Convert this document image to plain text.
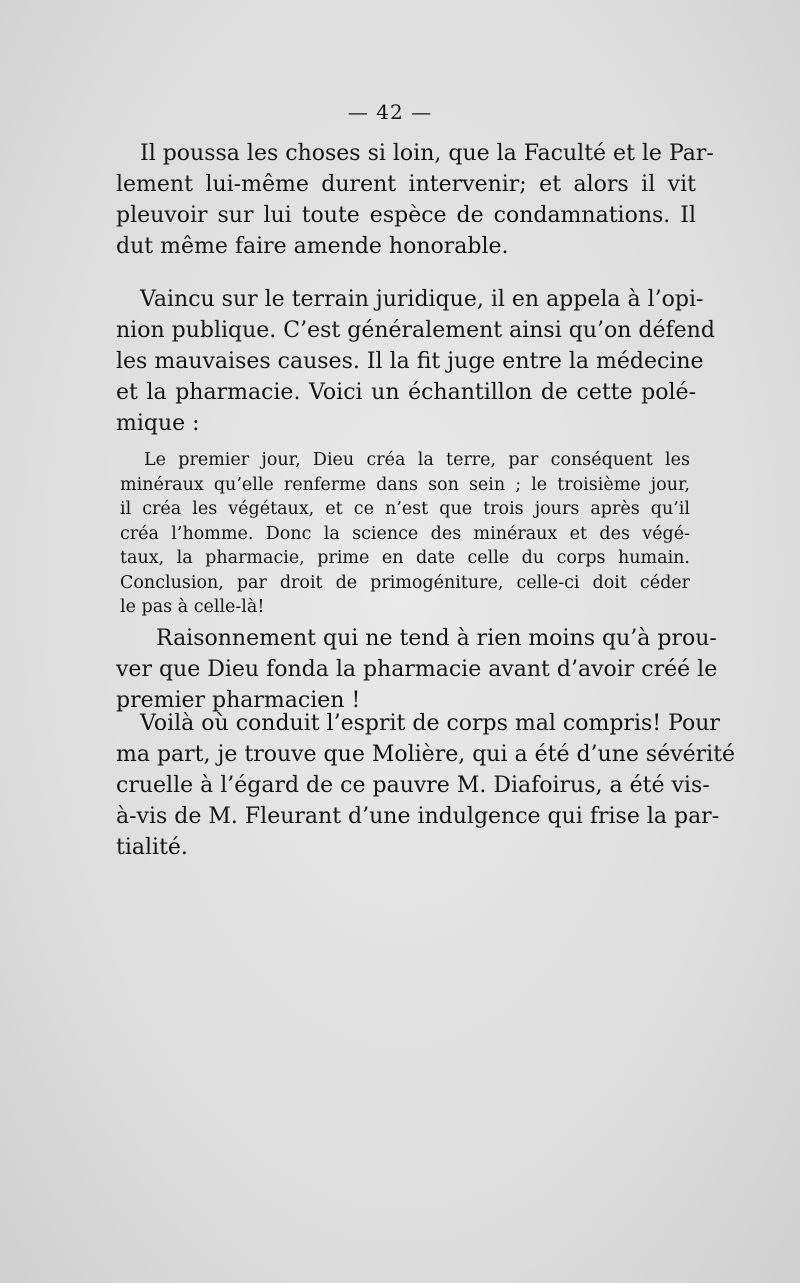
— 42 —
Il poussa les choses si loin, que la Faculté et le Par-
lement lui-même durent intervenir; et alors il vit
pleuvoir sur lui toute espèce de condamnations. Il
dut même faire amende honorable.
Vaincu sur le terrain juridique, il en appela à l’opi-
nion publique. C’est généralement ainsi qu’on défend
les mauvaises causes. Il la fit juge entre la médecine
et la pharmacie. Voici un échantillon de cette polé-
mique :
Le premier jour, Dieu créa la terre, par conséquent les
minéraux qu’elle renferme dans son sein ; le troisième jour,
il créa les végétaux, et ce n’est que trois jours après qu’il
créa l’homme. Donc la science des minéraux et des végé-
taux, la pharmacie, prime en date celle du corps humain.
Conclusion, par droit de primogéniture, celle-ci doit céder
le pas à celle-là!
Raisonnement qui ne tend à rien moins qu’à prou-
ver que Dieu fonda la pharmacie avant d’avoir créé le
premier pharmacien !
Voilà où conduit l’esprit de corps mal compris! Pour
ma part, je trouve que Molière, qui a été d’une sévérité
cruelle à l’égard de ce pauvre M. Diafoirus, a été vis-
à-vis de M. Fleurant d’une indulgence qui frise la par-
tialité.
